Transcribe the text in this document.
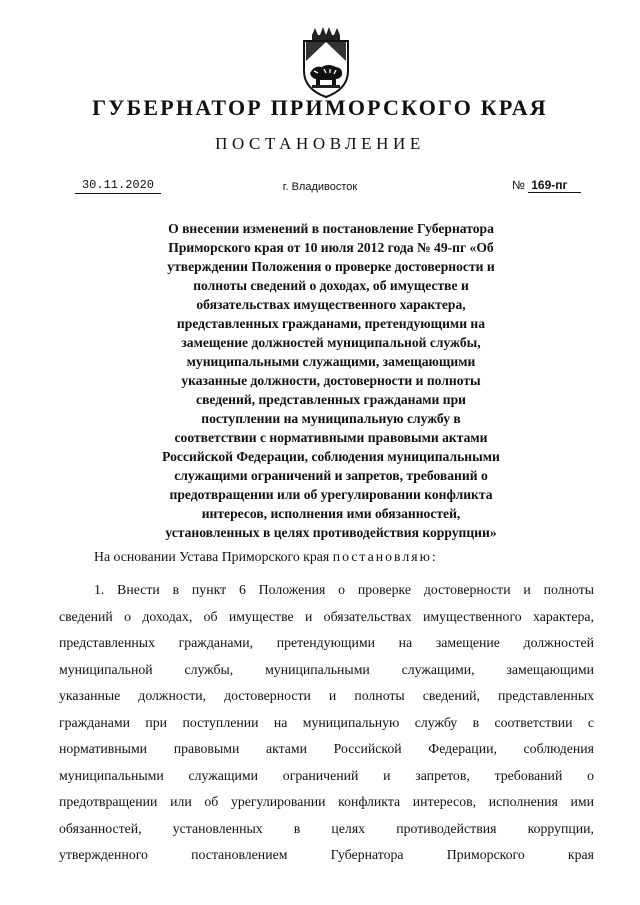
ГУБЕРНАТОР ПРИМОРСКОГО КРАЯ
ПОСТАНОВЛЕНИЕ
30.11.2020	г. Владивосток	№ 169-пг
О внесении изменений в постановление Губернатора
Приморского края от 10 июля 2012 года № 49-пг «Об
утверждении Положения о проверке достоверности и
полноты сведений о доходах, об имуществе и
обязательствах имущественного характера,
представленных гражданами, претендующими на
замещение должностей муниципальной службы,
муниципальными служащими, замещающими
указанные должности, достоверности и полноты
сведений, представленных гражданами при
поступлении на муниципальную службу в
соответствии с нормативными правовыми актами
Российской Федерации, соблюдения муниципальными
служащими ограничений и запретов, требований о
предотвращении или об урегулировании конфликта
интересов, исполнения ими обязанностей,
установленных в целях противодействия коррупции»

На основании Устава Приморского края постановляю:

1. Внести в пункт 6 Положения о проверке достоверности и полноты
сведений о доходах, об имуществе и обязательствах имущественного характера,
представленных гражданами, претендующими на замещение должностей
муниципальной службы, муниципальными служащими, замещающими
указанные должности, достоверности и полноты сведений, представленных
гражданами при поступлении на муниципальную службу в соответствии с
нормативными правовыми актами Российской Федерации, соблюдения
муниципальными служащими ограничений и запретов, требований о
предотвращении или об урегулировании конфликта интересов, исполнения ими
обязанностей, установленных в целях противодействия коррупции,
утвержденного постановлением Губернатора Приморского края
